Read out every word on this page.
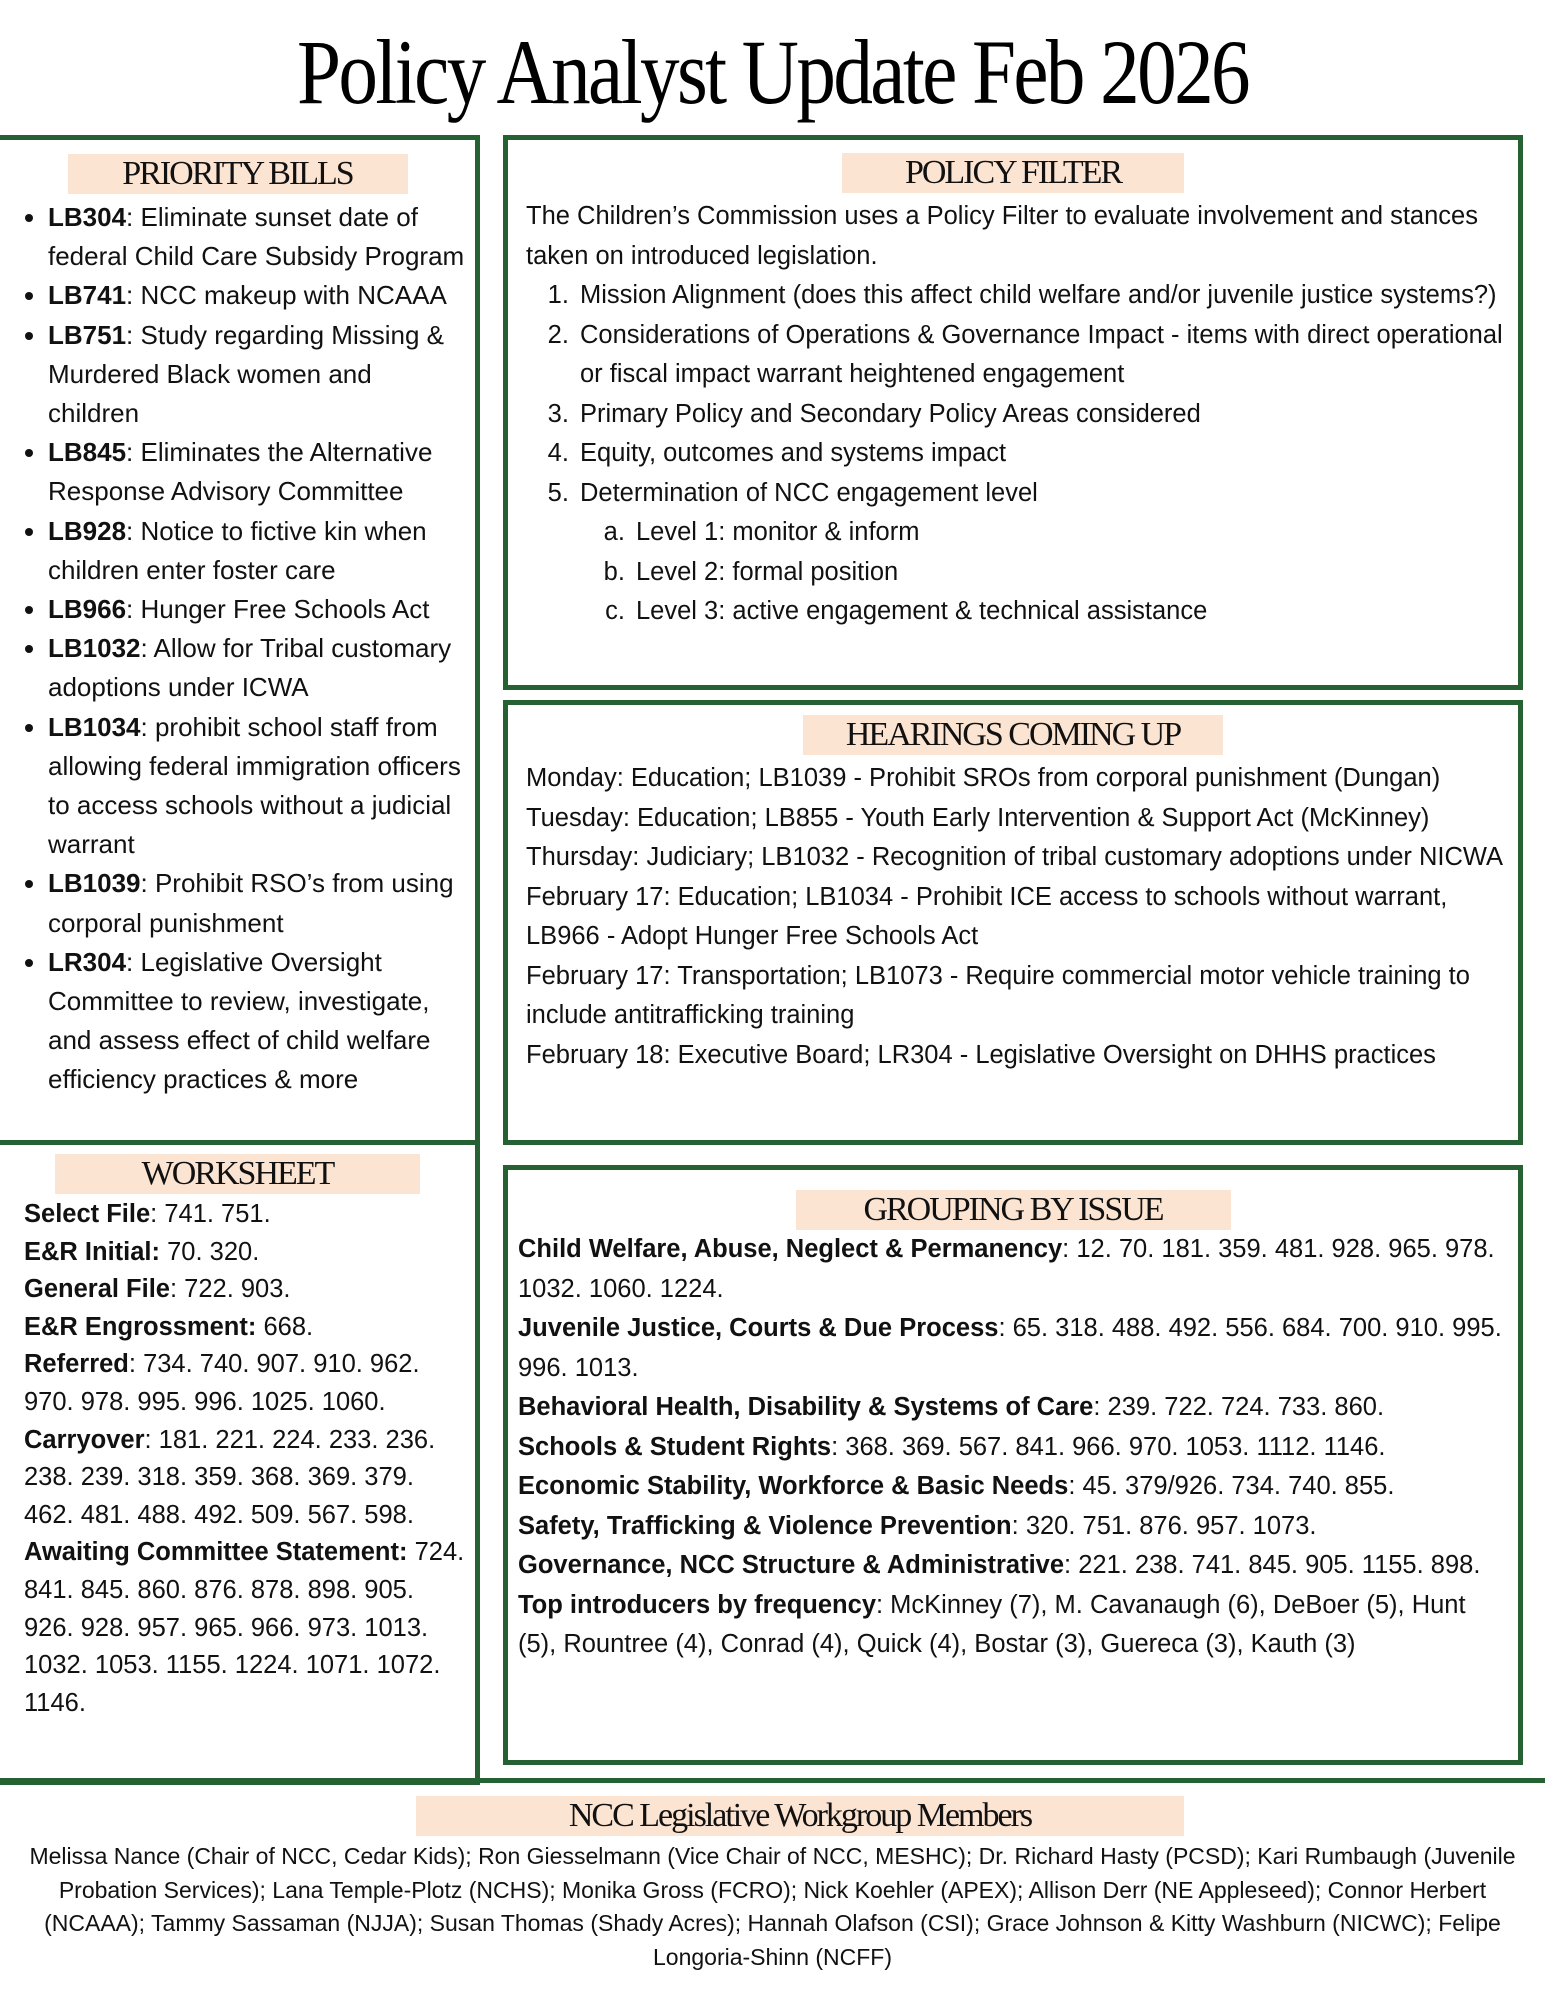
Policy Analyst Update Feb 2026
PRIORITY BILLS
• LB304: Eliminate sunset date of federal Child Care Subsidy Program
• LB741: NCC makeup with NCAAA
• LB751: Study regarding Missing & Murdered Black women and children
• LB845: Eliminates the Alternative Response Advisory Committee
• LB928: Notice to fictive kin when children enter foster care
• LB966: Hunger Free Schools Act
• LB1032: Allow for Tribal customary adoptions under ICWA
• LB1034: prohibit school staff from allowing federal immigration officers to access schools without a judicial warrant
• LB1039: Prohibit RSO’s from using corporal punishment
• LR304: Legislative Oversight Committee to review, investigate, and assess effect of child welfare efficiency practices & more
WORKSHEET
Select File: 741. 751.
E&R Initial: 70. 320.
General File: 722. 903.
E&R Engrossment: 668.
Referred: 734. 740. 907. 910. 962. 970. 978. 995. 996. 1025. 1060.
Carryover: 181. 221. 224. 233. 236. 238. 239. 318. 359. 368. 369. 379. 462. 481. 488. 492. 509. 567. 598.
Awaiting Committee Statement: 724. 841. 845. 860. 876. 878. 898. 905. 926. 928. 957. 965. 966. 973. 1013. 1032. 1053. 1155. 1224. 1071. 1072. 1146.
POLICY FILTER
The Children’s Commission uses a Policy Filter to evaluate involvement and stances taken on introduced legislation.
1. Mission Alignment (does this affect child welfare and/or juvenile justice systems?)
2. Considerations of Operations & Governance Impact - items with direct operational or fiscal impact warrant heightened engagement
3. Primary Policy and Secondary Policy Areas considered
4. Equity, outcomes and systems impact
5. Determination of NCC engagement level
a. Level 1: monitor & inform
b. Level 2: formal position
c. Level 3: active engagement & technical assistance
HEARINGS COMING UP
Monday: Education; LB1039 - Prohibit SROs from corporal punishment (Dungan)
Tuesday: Education; LB855 - Youth Early Intervention & Support Act (McKinney)
Thursday: Judiciary; LB1032 - Recognition of tribal customary adoptions under NICWA
February 17: Education; LB1034 - Prohibit ICE access to schools without warrant, LB966 - Adopt Hunger Free Schools Act
February 17: Transportation; LB1073 - Require commercial motor vehicle training to include antitrafficking training
February 18: Executive Board; LR304 - Legislative Oversight on DHHS practices
GROUPING BY ISSUE
Child Welfare, Abuse, Neglect & Permanency: 12. 70. 181. 359. 481. 928. 965. 978. 1032. 1060. 1224.
Juvenile Justice, Courts & Due Process: 65. 318. 488. 492. 556. 684. 700. 910. 995. 996. 1013.
Behavioral Health, Disability & Systems of Care: 239. 722. 724. 733. 860.
Schools & Student Rights: 368. 369. 567. 841. 966. 970. 1053. 1112. 1146.
Economic Stability, Workforce & Basic Needs: 45. 379/926. 734. 740. 855.
Safety, Trafficking & Violence Prevention: 320. 751. 876. 957. 1073.
Governance, NCC Structure & Administrative: 221. 238. 741. 845. 905. 1155. 898.
Top introducers by frequency: McKinney (7), M. Cavanaugh (6), DeBoer (5), Hunt (5), Rountree (4), Conrad (4), Quick (4), Bostar (3), Guereca (3), Kauth (3)
NCC Legislative Workgroup Members
Melissa Nance (Chair of NCC, Cedar Kids); Ron Giesselmann (Vice Chair of NCC, MESHC); Dr. Richard Hasty (PCSD); Kari Rumbaugh (Juvenile Probation Services); Lana Temple-Plotz (NCHS); Monika Gross (FCRO); Nick Koehler (APEX); Allison Derr (NE Appleseed); Connor Herbert (NCAAA); Tammy Sassaman (NJJA); Susan Thomas (Shady Acres); Hannah Olafson (CSI); Grace Johnson & Kitty Washburn (NICWC); Felipe Longoria-Shinn (NCFF)
